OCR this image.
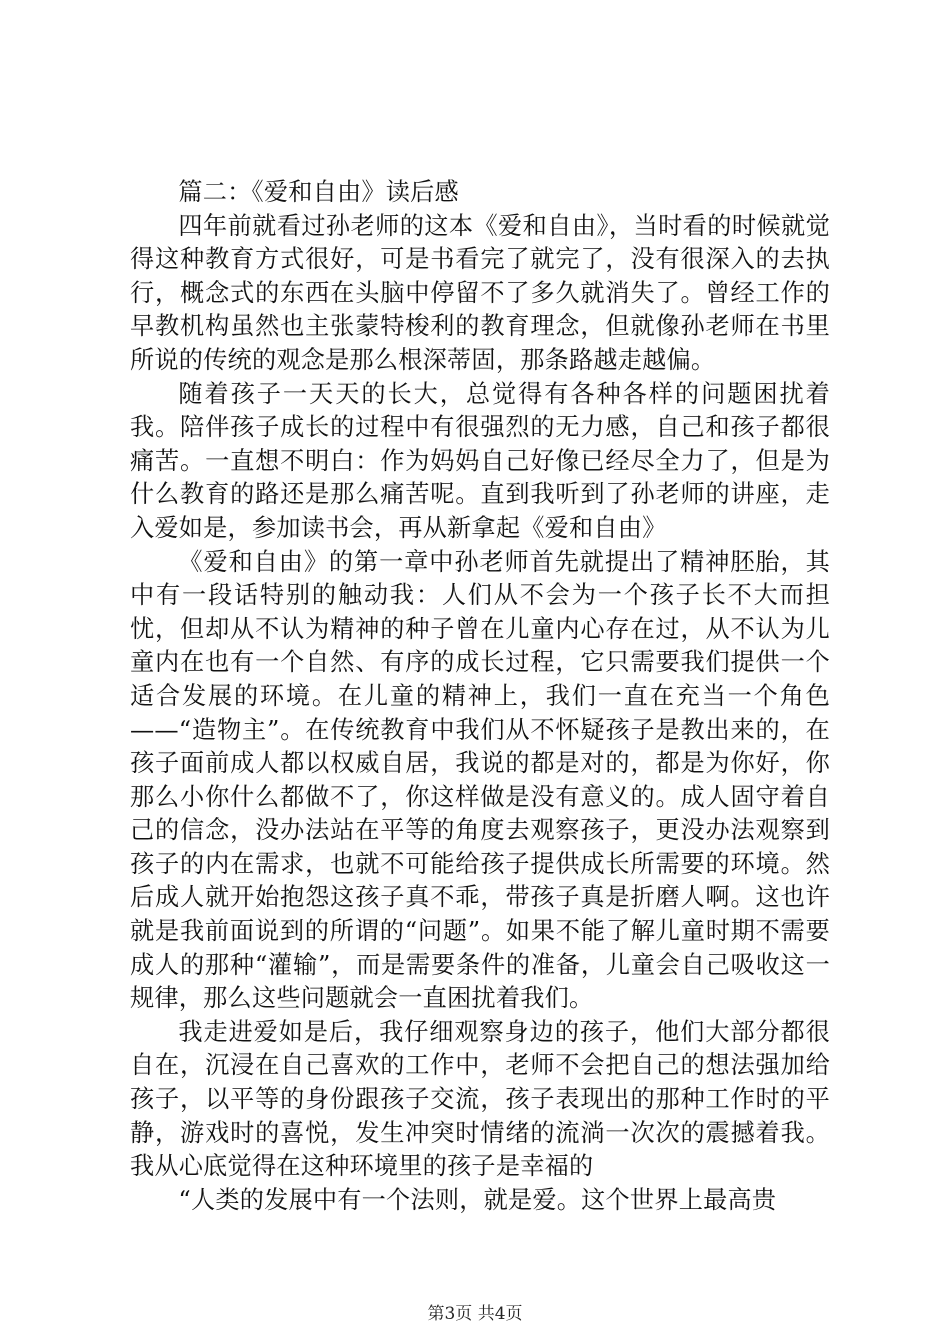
篇二：《爱和自由》读后感

四年前就看过孙老师的这本《爱和自由》，当时看的时候就觉得这种教育方式很好，可是书看完了就完了，没有很深入的去执行，概念式的东西在头脑中停留不了多久就消失了。曾经工作的早教机构虽然也主张蒙特梭利的教育理念，但就像孙老师在书里所说的传统的观念是那么根深蒂固，那条路越走越偏。

随着孩子一天天的长大，总觉得有各种各样的问题困扰着我。陪伴孩子成长的过程中有很强烈的无力感，自己和孩子都很痛苦。一直想不明白：作为妈妈自己好像已经尽全力了，但是为什么教育的路还是那么痛苦呢。直到我听到了孙老师的讲座，走入爱如是，参加读书会，再从新拿起《爱和自由》

《爱和自由》的第一章中孙老师首先就提出了精神胚胎，其中有一段话特别的触动我：人们从不会为一个孩子长不大而担忧，但却从不认为精神的种子曾在儿童内心存在过，从不认为儿童内在也有一个自然、有序的成长过程，它只需要我们提供一个适合发展的环境。在儿童的精神上，我们一直在充当一个角色——“造物主”。在传统教育中我们从不怀疑孩子是教出来的，在孩子面前成人都以权威自居，我说的都是对的，都是为你好，你那么小你什么都做不了，你这样做是没有意义的。成人固守着自己的信念，没办法站在平等的角度去观察孩子，更没办法观察到孩子的内在需求，也就不可能给孩子提供成长所需要的环境。然后成人就开始抱怨这孩子真不乖，带孩子真是折磨人啊。这也许就是我前面说到的所谓的“问题”。如果不能了解儿童时期不需要成人的那种“灌输”，而是需要条件的准备，儿童会自己吸收这一规律，那么这些问题就会一直困扰着我们。

我走进爱如是后，我仔细观察身边的孩子，他们大部分都很自在，沉浸在自己喜欢的工作中，老师不会把自己的想法强加给孩子，以平等的身份跟孩子交流，孩子表现出的那种工作时的平静，游戏时的喜悦，发生冲突时情绪的流淌一次次的震撼着我。我从心底觉得在这种环境里的孩子是幸福的

“人类的发展中有一个法则，就是爱。这个世界上最高贵

第3页 共4页
